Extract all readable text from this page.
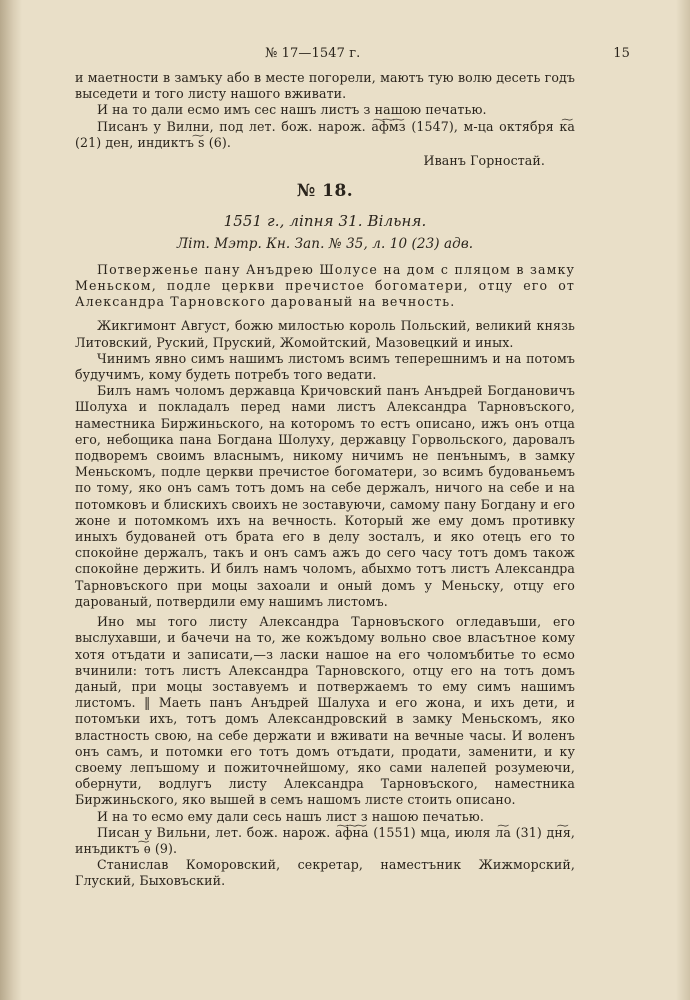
№ 17—1547 г.	15

и маетности в замъку або в месте погорели, маютъ тую волю десеть годъ выседети и того листу нашого вживати.

И на то дали есмо имъ сес нашъ листъ з нашою печатью.

Писанъ у Вилни, под лет. бож. нарож. а͠ф͠м͠з (1547), м-ца октября к͠а (21) ден, индиктъ ͠s (6).

Иванъ Горностай.

№ 18.
1551 г., ліпня 31. Вільня.
Літ. Мэтр. Кн. Зап. № 35, л. 10 (23) адв.

Потверженье пану Анъдрею Шолусе на дом с пляцом в замку Меньском, подле церкви пречистое богоматери, отцу его от Александра Тарновского дарованый на вечность.

Жикгимонт Август, божю милостью король Польский, великий князь Литовский, Руский, Пруский, Жомойтский, Мазовецкий и иных.

Чинимъ явно симъ нашимъ листомъ всимъ теперешнимъ и на потомъ будучимъ, кому будеть потребъ того ведати.

Билъ намъ чоломъ державца Кричовский панъ Анъдрей Богдановичъ Шолуха и покладалъ перед нами листъ Александра Тарновъского, наместника Биржиньского, на которомъ то естъ описано, ижъ онъ отца его, небощика пана Богдана Шолуху, державцу Горвольского, даровалъ подворемъ своимъ власнымъ, никому ничимъ не пенънымъ, в замку Меньскомъ, подле церкви пречистое богоматери, зо всимъ будованьемъ по тому, яко онъ самъ тотъ домъ на себе держалъ, ничого на себе и на потомковъ и блискихъ своихъ не зоставуючи, самому пану Богдану и его жоне и потомкомъ ихъ на вечность. Который же ему домъ противку иныхъ будованей отъ брата его в делу зосталъ, и яко отецъ его то спокойне держалъ, такъ и онъ самъ ажъ до сего часу тотъ домъ також спокойне держить. И билъ намъ чоломъ, абыхмо тотъ листъ Александра Тарновъского при моцы захоали и оный домъ у Меньску, отцу его дарованый, потвердили ему нашимъ листомъ.

Ино мы того листу Александра Тарновъского огледавъши, его выслухавши, и бачечи на то, же кожъдому вольно свое власътное кому хотя отъдати и записати,—з ласки нашое на его чоломъбитье то есмо вчинили: тотъ листъ Александра Тарновского, отцу его на тотъ домъ даный, при моцы зоставуемъ и потвержаемъ то ему симъ нашимъ листомъ. ‖ Маеть панъ Анъдрей Шалуха и его жона, и ихъ дети, и потомъки ихъ, тотъ домъ Александровский в замку Меньскомъ, яко властность свою, на себе держати и вживати на вечные часы. И воленъ онъ самъ, и потомки его тотъ домъ отъдати, продати, заменити, и ку своему лепъшому и пожиточнейшому, яко сами налепей розумеючи, обернути, водлугъ листу Александра Тарновъского, наместника Биржиньского, яко вышей в семъ нашомъ листе стоить описано.

И на то есмо ему дали сесь нашъ лист з нашою печатью.

Писан у Вильни, лет. бож. нарож. а͠ф͠н͠а (1551) мца, июля л͠а (31) дн͠я, инъдиктъ ͠ѳ (9).

Станислав Коморовский, секретар, наместъник Жижморский, Глуский, Быховъский.
